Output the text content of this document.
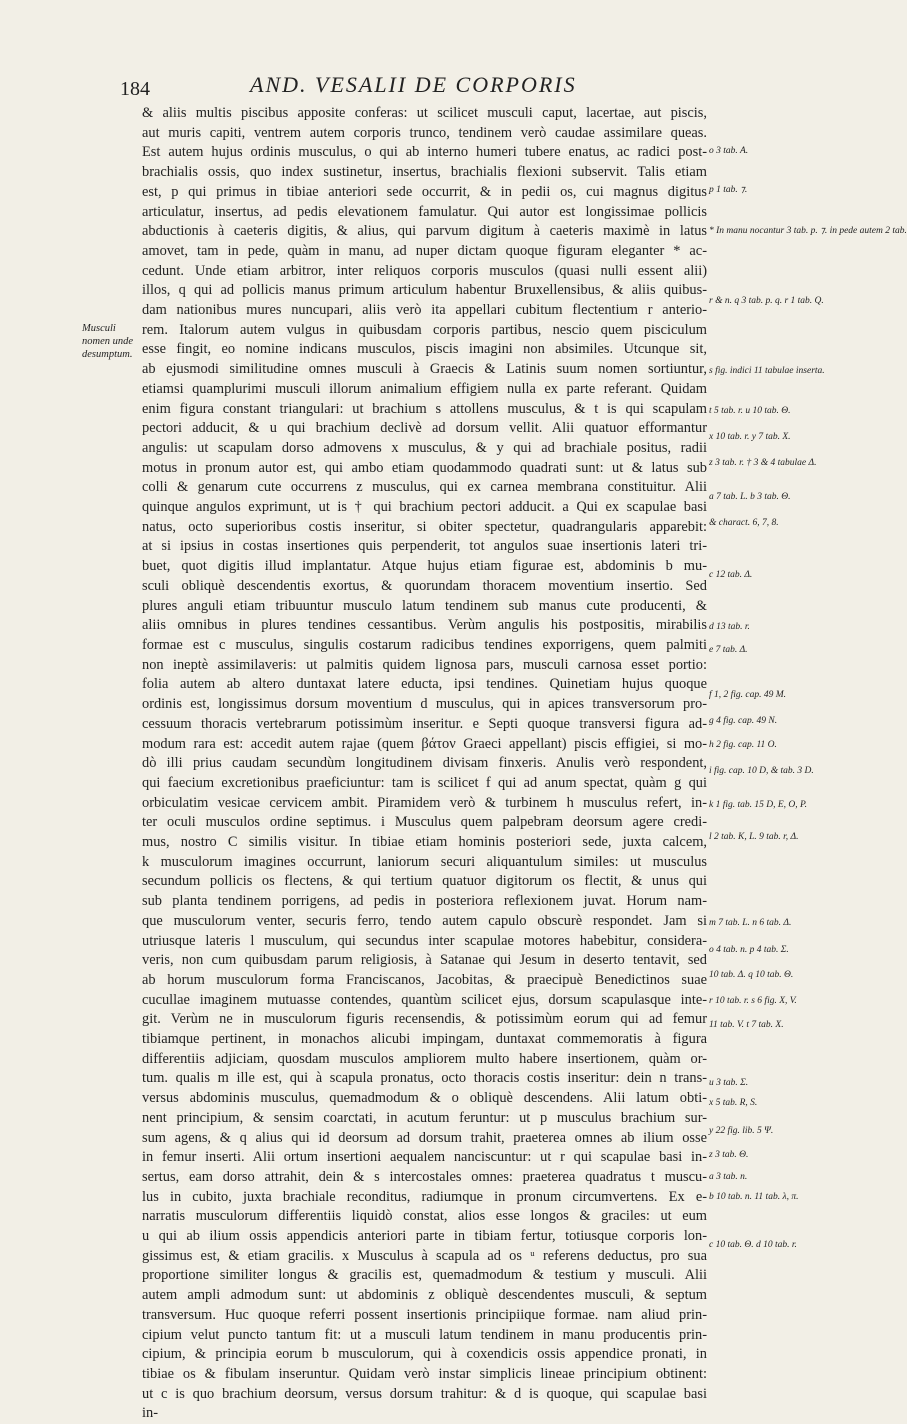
184	AND. VESALII DE CORPORIS
Musculi nomen unde desumptum.
& aliis multis piscibus apposite conferas: ut scilicet musculi caput, lacertae, aut piscis,
aut muris capiti, ventrem autem corporis trunco, tendinem verò caudae assimilare queas.
Est autem hujus ordinis musculus, o qui ab interno humeri tubere enatus, ac radici post-
brachialis ossis, quo index sustinetur, insertus, brachialis flexioni subservit. Talis etiam
est, p qui primus in tibiae anteriori sede occurrit, & in pedii os, cui magnus digitus
articulatur, insertus, ad pedis elevationem famulatur. Qui autor est longissimae pollicis
abductionis à caeteris digitis, & alius, qui parvum digitum à caeteris maximè in latus
amovet, tam in pede, quàm in manu, ad nuper dictam quoque figuram eleganter * ac-
cedunt. Unde etiam arbitror, inter reliquos corporis musculos (quasi nulli essent alii)
illos, q qui ad pollicis manus primum articulum habentur Bruxellensibus, & aliis quibus-
dam nationibus mures nuncupari, aliis verò ita appellari cubitum flectentium r anterio-
rem. Italorum autem vulgus in quibusdam corporis partibus, nescio quem pisciculum
esse fingit, eo nomine indicans musculos, piscis imagini non absimiles. Utcunque sit,
ab ejusmodi similitudine omnes musculi à Graecis & Latinis suum nomen sortiuntur,
etiamsi quamplurimi musculi illorum animalium effigiem nulla ex parte referant. Quidam
enim figura constant triangulari: ut brachium s attollens musculus, & t is qui scapulam
pectori adducit, & u qui brachium declivè ad dorsum vellit. Alii quatuor efformantur
angulis: ut scapulam dorso admovens x musculus, & y qui ad brachiale positus, radii
motus in pronum autor est, qui ambo etiam quodammodo quadrati sunt: ut & latus sub
colli & genarum cute occurrens z musculus, qui ex carnea membrana constituitur. Alii
quinque angulos exprimunt, ut is † qui brachium pectori adducit. a Qui ex scapulae basi
natus, octo superioribus costis inseritur, si obiter spectetur, quadrangularis apparebit:
at si ipsius in costas insertiones quis perpenderit, tot angulos suae insertionis lateri tri-
buet, quot digitis illud implantatur. Atque hujus etiam figurae est, abdominis b mu-
sculi obliquè descendentis exortus, & quorundam thoracem moventium insertio. Sed
plures anguli etiam tribuuntur musculo latum tendinem sub manus cute producenti, &
aliis omnibus in plures tendines cessantibus. Verùm angulis his postpositis, mirabilis
formae est c musculus, singulis costarum radicibus tendines exporrigens, quem palmiti
non ineptè assimilaveris: ut palmitis quidem lignosa pars, musculi carnosa esset portio:
folia autem ab altero duntaxat latere educta, ipsi tendines. Quinetiam hujus quoque
ordinis est, longissimus dorsum moventium d musculus, qui in apices transversorum pro-
cessuum thoracis vertebrarum potissimùm inseritur. e Septi quoque transversi figura ad-
modum rara est: accedit autem rajae (quem βάτον Graeci appellant) piscis effigiei, si mo-
dò illi prius caudam secundùm longitudinem divisam finxeris. Anulis verò respondent,
qui faecium excretionibus praeficiuntur: tam is scilicet f qui ad anum spectat, quàm g qui
orbiculatim vesicae cervicem ambit. Piramidem verò & turbinem h musculus refert, in-
ter oculi musculos ordine septimus. i Musculus quem palpebram deorsum agere credi-
mus, nostro C similis visitur. In tibiae etiam hominis posteriori sede, juxta calcem,
k musculorum imagines occurrunt, laniorum securi aliquantulum similes: ut musculus
secundum pollicis os flectens, & qui tertium quatuor digitorum os flectit, & unus qui
sub planta tendinem porrigens, ad pedis in posteriora reflexionem juvat. Horum nam-
que musculorum venter, securis ferro, tendo autem capulo obscurè respondet. Jam si
utriusque lateris l musculum, qui secundus inter scapulae motores habebitur, considera-
veris, non cum quibusdam parum religiosis, à Satanae qui Jesum in deserto tentavit, sed
ab horum musculorum forma Franciscanos, Jacobitas, & praecipuè Benedictinos suae
cucullae imaginem mutuasse contendes, quantùm scilicet ejus, dorsum scapulasque inte-
git. Verùm ne in musculorum figuris recensendis, & potissimùm eorum qui ad femur
tibiamque pertinent, in monachos alicubi impingam, duntaxat commemoratis à figura
differentiis adjiciam, quosdam musculos ampliorem multo habere insertionem, quàm or-
tum. qualis m ille est, qui à scapula pronatus, octo thoracis costis inseritur: dein n trans-
versus abdominis musculus, quemadmodum & o obliquè descendens. Alii latum obti-
nent principium, & sensim coarctati, in acutum feruntur: ut p musculus brachium sur-
sum agens, & q alius qui id deorsum ad dorsum trahit, praeterea omnes ab ilium osse
in femur inserti. Alii ortum insertioni aequalem nanciscuntur: ut r qui scapulae basi in-
sertus, eam dorso attrahit, dein & s intercostales omnes: praeterea quadratus t muscu-
lus in cubito, juxta brachiale reconditus, radiumque in pronum circumvertens. Ex e-
narratis musculorum differentiis liquidò constat, alios esse longos & graciles: ut eum
u qui ab ilium ossis appendicis anteriori parte in tibiam fertur, totiusque corporis lon-
gissimus est, & etiam gracilis. x Musculus à scapula ad os ᵘ referens deductus, pro sua
proportione similiter longus & gracilis est, quemadmodum & testium y musculi. Alii
autem ampli admodum sunt: ut abdominis z obliquè descendentes musculi, & septum
transversum. Huc quoque referri possent insertionis principiique formae. nam aliud prin-
cipium velut puncto tantum fit: ut a musculi latum tendinem in manu producentis prin-
cipium, & principia eorum b musculorum, qui à coxendicis ossis appendice pronati, in
tibiae os & fibulam inseruntur. Quidam verò instar simplicis lineae principium obtinent:
ut c is quo brachium deorsum, versus dorsum trahitur: & d is quoque, qui scapulae basi
in-
o 3 tab. A.
p 1 tab. ⁊.
* In manu nocantur 3 tab. p. ⁊. in pede autem 2 tab.
r & n. q 3 tab. p. q. r 1 tab. Q.
s fig. indici 11 tabulae inserta.
t 5 tab. r. u 10 tab. Θ.
x 10 tab. r. y 7 tab. X.
z 3 tab. r. † 3 & 4 tabulae Δ.
a 7 tab. L. b 3 tab. Θ.
& charact. 6, 7, 8.
c 12 tab. Δ.
d 13 tab. r.
e 7 tab. Δ.
f 1, 2 fig. cap. 49 M.
g 4 fig. cap. 49 N.
h 2 fig. cap. 11 O.
i fig. cap. 10 D, & tab. 3 D.
k 1 fig. tab. 15 D, E, O, P.
l 2 tab. K, L. 9 tab. r, Δ.
m 7 tab. L. n 6 tab. Δ.
o 4 tab. n. p 4 tab. Σ.
10 tab. Δ. q 10 tab. Θ.
r 10 tab. r. s 6 fig. X, V.
11 tab. V. t 7 tab. X.
u 3 tab. Σ.
x 5 tab. R, S.
y 22 fig. lib. 5 Ψ.
z 3 tab. Θ.
a 3 tab. n.
b 10 tab. n. 11 tab. λ, π.
c 10 tab. Θ. d 10 tab. r.
